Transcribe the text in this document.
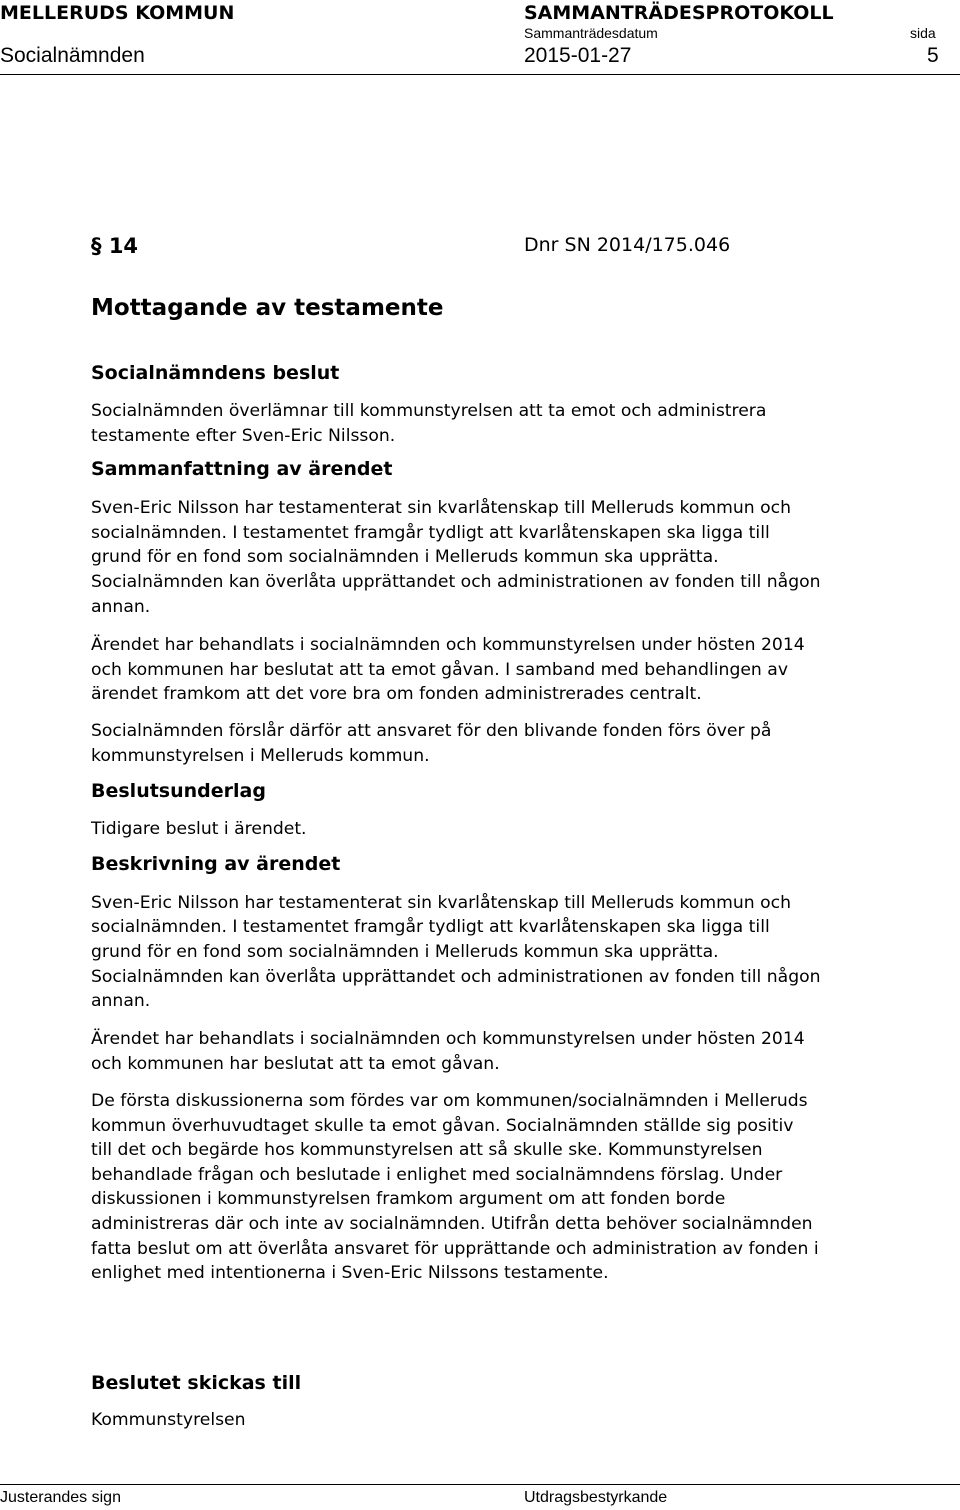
MELLERUDS KOMMUN	SAMMANTRÄDESPROTOKOLL
Sammanträdesdatum	sida
Socialnämnden	2015-01-27	5
§ 14	Dnr SN 2014/175.046
Mottagande av testamente
Socialnämndens beslut
Socialnämnden överlämnar till kommunstyrelsen att ta emot och administrera
testamente efter Sven-Eric Nilsson.
Sammanfattning av ärendet
Sven-Eric Nilsson har testamenterat sin kvarlåtenskap till Melleruds kommun och
socialnämnden. I testamentet framgår tydligt att kvarlåtenskapen ska ligga till
grund för en fond som socialnämnden i Melleruds kommun ska upprätta.
Socialnämnden kan överlåta upprättandet och administrationen av fonden till någon
annan.
Ärendet har behandlats i socialnämnden och kommunstyrelsen under hösten 2014
och kommunen har beslutat att ta emot gåvan. I samband med behandlingen av
ärendet framkom att det vore bra om fonden administrerades centralt.
Socialnämnden förslår därför att ansvaret för den blivande fonden förs över på
kommunstyrelsen i Melleruds kommun.
Beslutsunderlag
Tidigare beslut i ärendet.
Beskrivning av ärendet
Sven-Eric Nilsson har testamenterat sin kvarlåtenskap till Melleruds kommun och
socialnämnden. I testamentet framgår tydligt att kvarlåtenskapen ska ligga till
grund för en fond som socialnämnden i Melleruds kommun ska upprätta.
Socialnämnden kan överlåta upprättandet och administrationen av fonden till någon
annan.
Ärendet har behandlats i socialnämnden och kommunstyrelsen under hösten 2014
och kommunen har beslutat att ta emot gåvan.
De första diskussionerna som fördes var om kommunen/socialnämnden i Melleruds
kommun överhuvudtaget skulle ta emot gåvan. Socialnämnden ställde sig positiv
till det och begärde hos kommunstyrelsen att så skulle ske. Kommunstyrelsen
behandlade frågan och beslutade i enlighet med socialnämndens förslag. Under
diskussionen i kommunstyrelsen framkom argument om att fonden borde
administreras där och inte av socialnämnden. Utifrån detta behöver socialnämnden
fatta beslut om att överlåta ansvaret för upprättande och administration av fonden i
enlighet med intentionerna i Sven-Eric Nilssons testamente.
Beslutet skickas till
Kommunstyrelsen
Justerandes sign	Utdragsbestyrkande
